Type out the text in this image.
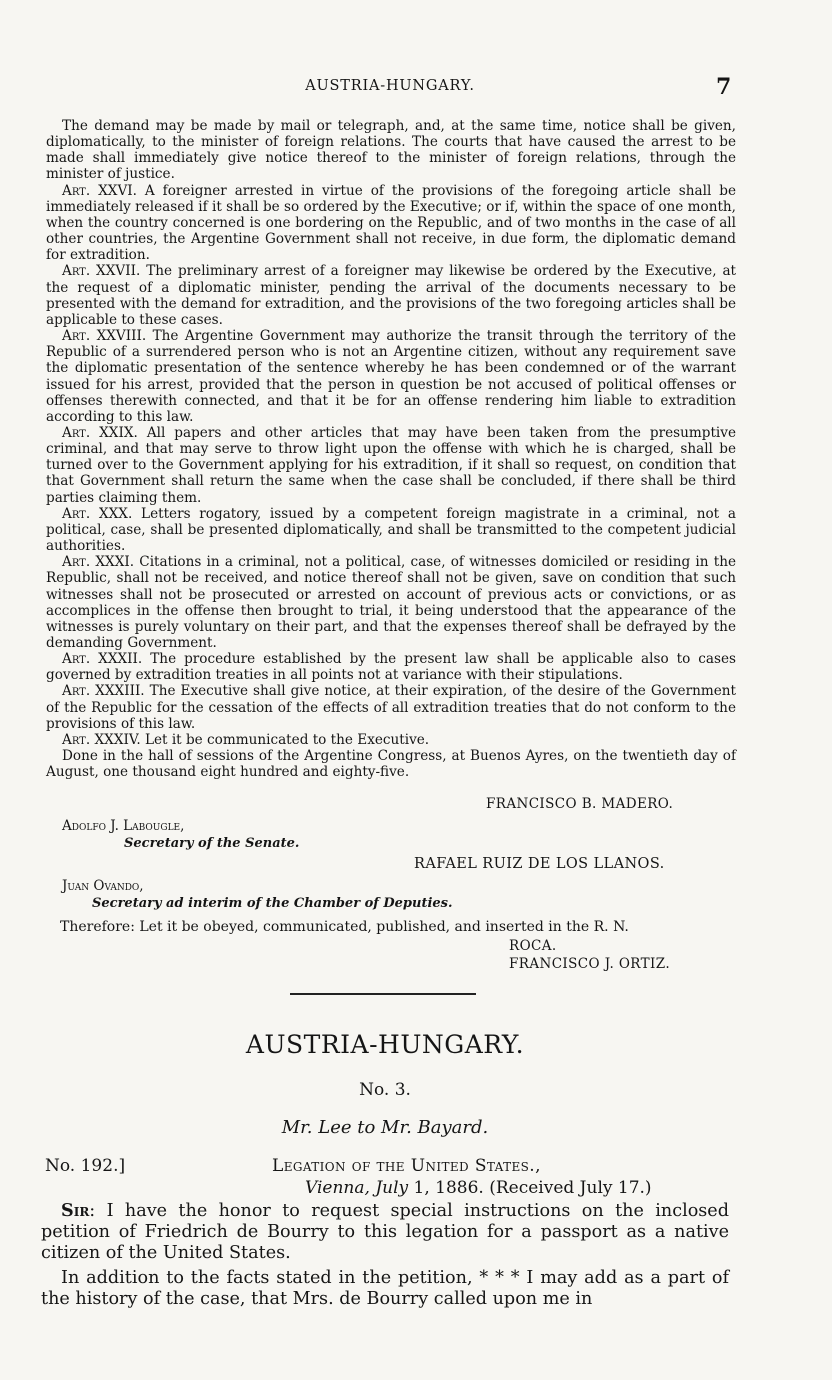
AUSTRIA-HUNGARY.	7

The demand may be made by mail or telegraph, and, at the same time, notice shall be given, diplomatically, to the minister of foreign relations. The courts that have caused the arrest to be made shall immediately give notice thereof to the minister of foreign relations, through the minister of justice.

Art. XXVI. A foreigner arrested in virtue of the provisions of the foregoing article shall be immediately released if it shall be so ordered by the Executive; or if, within the space of one month, when the country concerned is one bordering on the Republic, and of two months in the case of all other countries, the Argentine Government shall not receive, in due form, the diplomatic demand for extradition.

Art. XXVII. The preliminary arrest of a foreigner may likewise be ordered by the Executive, at the request of a diplomatic minister, pending the arrival of the documents necessary to be presented with the demand for extradition, and the provisions of the two foregoing articles shall be applicable to these cases.

Art. XXVIII. The Argentine Government may authorize the transit through the territory of the Republic of a surrendered person who is not an Argentine citizen, without any requirement save the diplomatic presentation of the sentence whereby he has been condemned or of the warrant issued for his arrest, provided that the person in question be not accused of political offenses or offenses therewith connected, and that it be for an offense rendering him liable to extradition according to this law.

Art. XXIX. All papers and other articles that may have been taken from the presumptive criminal, and that may serve to throw light upon the offense with which he is charged, shall be turned over to the Government applying for his extradition, if it shall so request, on condition that that Government shall return the same when the case shall be concluded, if there shall be third parties claiming them.

Art. XXX. Letters rogatory, issued by a competent foreign magistrate in a criminal, not a political, case, shall be presented diplomatically, and shall be transmitted to the competent judicial authorities.

Art. XXXI. Citations in a criminal, not a political, case, of witnesses domiciled or residing in the Republic, shall not be received, and notice thereof shall not be given, save on condition that such witnesses shall not be prosecuted or arrested on account of previous acts or convictions, or as accomplices in the offense then brought to trial, it being understood that the appearance of the witnesses is purely voluntary on their part, and that the expenses thereof shall be defrayed by the demanding Government.

Art. XXXII. The procedure established by the present law shall be applicable also to cases governed by extradition treaties in all points not at variance with their stipulations.

Art. XXXIII. The Executive shall give notice, at their expiration, of the desire of the Government of the Republic for the cessation of the effects of all extradition treaties that do not conform to the provisions of this law.

Art. XXXIV. Let it be communicated to the Executive.

Done in the hall of sessions of the Argentine Congress, at Buenos Ayres, on the twentieth day of August, one thousand eight hundred and eighty-five.

FRANCISCO B. MADERO.
Adolfo J. Labougle,
Secretary of the Senate.
RAFAEL RUIZ DE LOS LLANOS.
Juan Ovando,
Secretary ad interim of the Chamber of Deputies.
Therefore: Let it be obeyed, communicated, published, and inserted in the R. N.
ROCA.
FRANCISCO J. ORTIZ.
AUSTRIA-HUNGARY.
No. 3.
Mr. Lee to Mr. Bayard.
No. 192.]	Legation of the United States.,
Vienna, July 1, 1886. (Received July 17.)

Sir: I have the honor to request special instructions on the inclosed petition of Friedrich de Bourry to this legation for a passport as a native citizen of the United States.

In addition to the facts stated in the petition, * * * I may add as a part of the history of the case, that Mrs. de Bourry called upon me in
